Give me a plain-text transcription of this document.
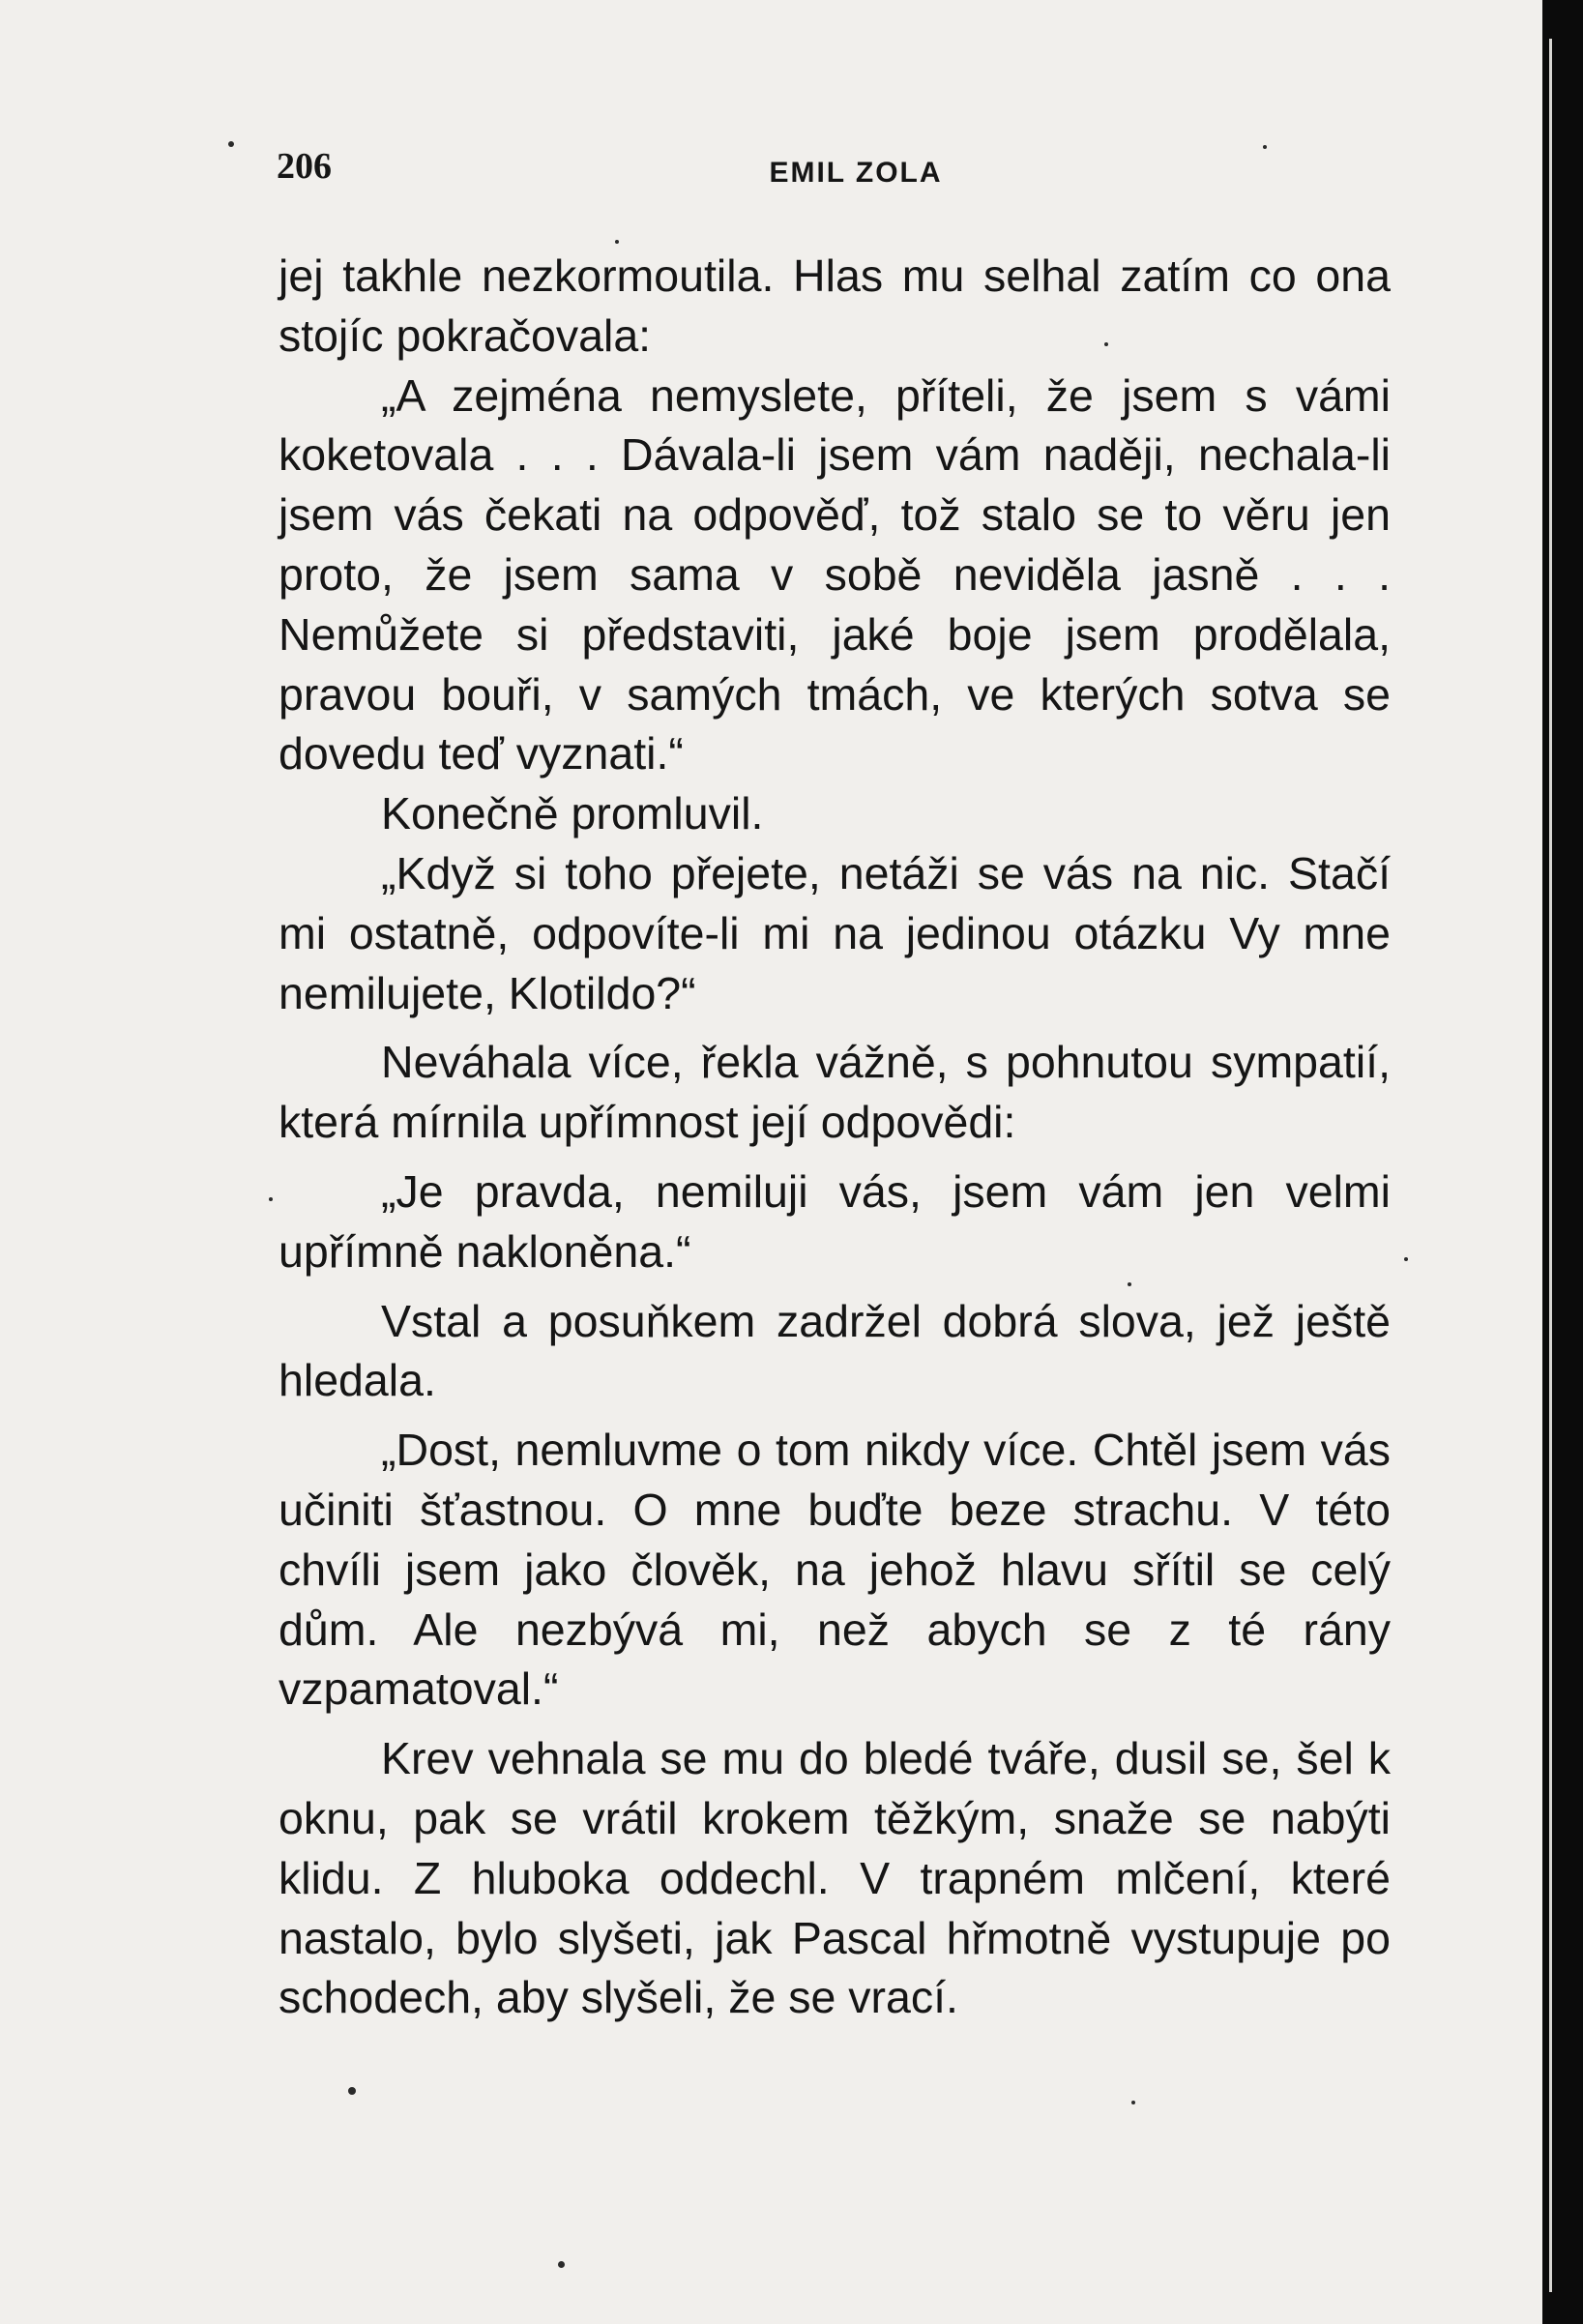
206	EMIL ZOLA

jej takhle nezkormoutila. Hlas mu selhal zatím co ona stojíc pokračovala:

„A zejména nemyslete, příteli, že jsem s vámi koketovala . . . Dávala-li jsem vám naději, nechala-li jsem vás čekati na odpověď, tož stalo se to věru jen proto, že jsem sama v sobě neviděla jasně . . . Nemůžete si představiti, jaké boje jsem prodělala, pravou bouři, v samých tmách, ve kterých sotva se dovedu teď vyznati.“

Konečně promluvil.

„Když si toho přejete, netáži se vás na nic. Stačí mi ostatně, odpovíte-li mi na jedinou otázku Vy mne nemilujete, Klotildo?“

Neváhala více, řekla vážně, s pohnutou sympatií, která mírnila upřímnost její odpovědi:

„Je pravda, nemiluji vás, jsem vám jen velmi upřímně nakloněna.“

Vstal a posuňkem zadržel dobrá slova, jež ještě hledala.

„Dost, nemluvme o tom nikdy více. Chtěl jsem vás učiniti šťastnou. O mne buďte beze strachu. V této chvíli jsem jako člověk, na jehož hlavu sřítil se celý dům. Ale nezbývá mi, než abych se z té rány vzpamatoval.“

Krev vehnala se mu do bledé tváře, dusil se, šel k oknu, pak se vrátil krokem těžkým, snaže se nabýti klidu. Z hluboka oddechl. V trapném mlčení, které nastalo, bylo slyšeti, jak Pascal hřmotně vystupuje po schodech, aby slyšeli, že se vrací.
